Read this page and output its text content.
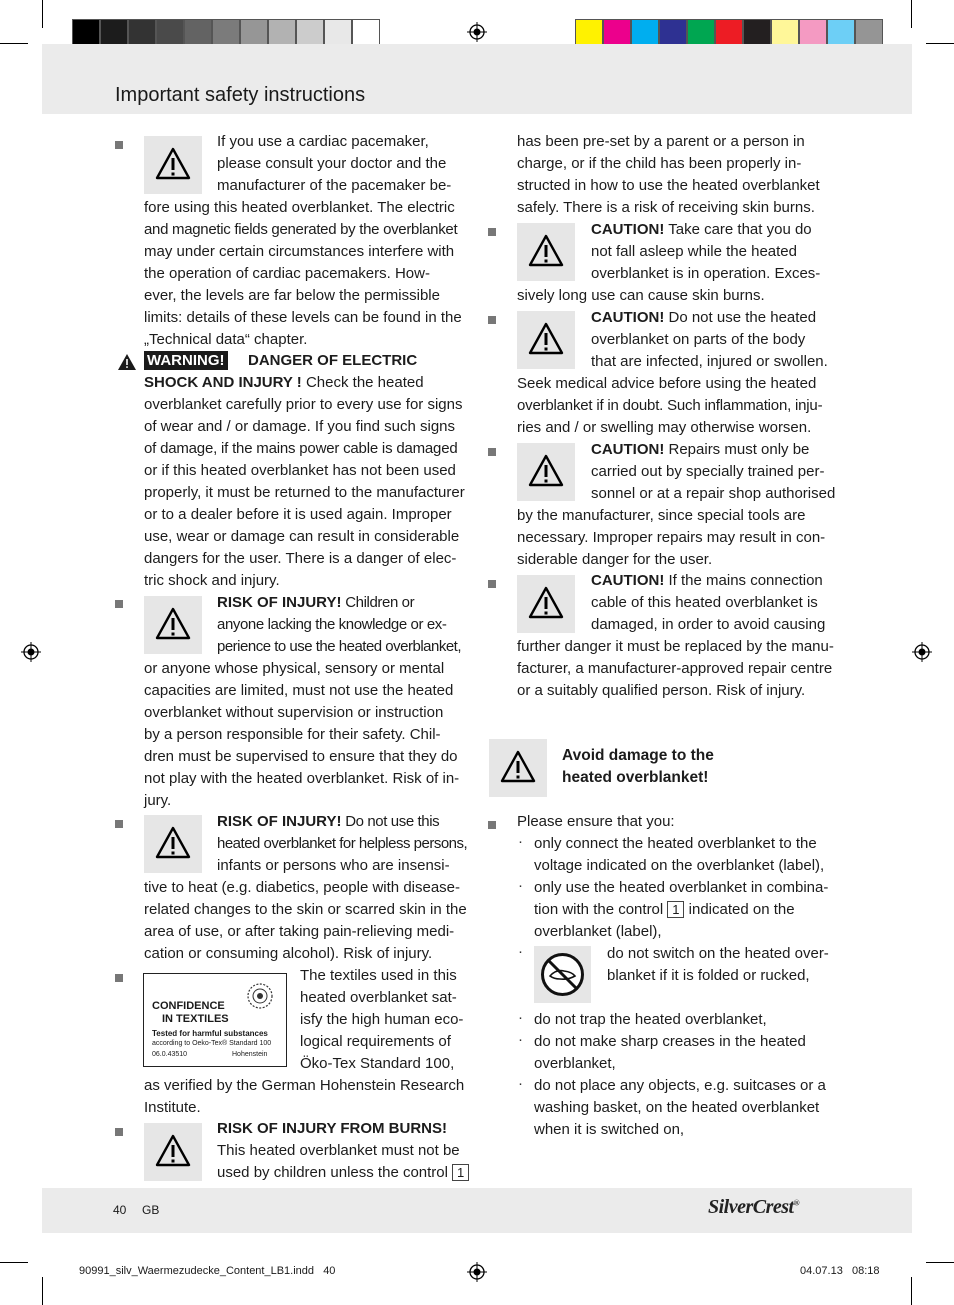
Important safety instructions
If you use a cardiac pacemaker,
please consult your doctor and the
manufacturer of the pacemaker be-
fore using this heated overblanket. The electric
and magnetic fields generated by the overblanket
may under certain circumstances interfere with
the operation of cardiac pacemakers. How-
ever, the levels are far below the permissible
limits: details of these levels can be found in the
„Technical data“ chapter.
WARNING! DANGER OF ELECTRIC
SHOCK AND INJURY ! Check the heated
overblanket carefully prior to every use for signs
of wear and / or damage. If you find such signs
of damage, if the mains power cable is damaged
or if this heated overblanket has not been used
properly, it must be returned to the manufacturer
or to a dealer before it is used again. Improper
use, wear or damage can result in considerable
dangers for the user. There is a danger of elec-
tric shock and injury.
RISK OF INJURY! Children or
anyone lacking the knowledge or ex-
perience to use the heated overblanket,
or anyone whose physical, sensory or mental
capacities are limited, must not use the heated
overblanket without supervision or instruction
by a person responsible for their safety. Chil-
dren must be supervised to ensure that they do
not play with the heated overblanket. Risk of in-
jury.
RISK OF INJURY! Do not use this
heated overblanket for helpless persons,
infants or persons who are insensi-
tive to heat (e.g. diabetics, people with disease-
related changes to the skin or scarred skin in the
area of use, or after taking pain-relieving medi-
cation or consuming alcohol). Risk of injury.
CONFIDENCE
IN TEXTILES
Tested for harmful substances
according to Oeko-Tex® Standard 100
06.0.43510	Hohenstein
The textiles used in this
heated overblanket sat-
isfy the high human eco-
logical requirements of
Öko-Tex Standard 100,
as verified by the German Hohenstein Research
Institute.
RISK OF INJURY FROM BURNS!
This heated overblanket must not be
used by children unless the control 1
has been pre-set by a parent or a person in
charge, or if the child has been properly in-
structed in how to use the heated overblanket
safely. There is a risk of receiving skin burns.
CAUTION! Take care that you do
not fall asleep while the heated
overblanket is in operation. Exces-
sively long use can cause skin burns.
CAUTION! Do not use the heated
overblanket on parts of the body
that are infected, injured or swollen.
Seek medical advice before using the heated
overblanket if in doubt. Such inflammation, inju-
ries and / or swelling may otherwise worsen.
CAUTION! Repairs must only be
carried out by specially trained per-
sonnel or at a repair shop authorised
by the manufacturer, since special tools are
necessary. Improper repairs may result in con-
siderable danger for the user.
CAUTION! If the mains connection
cable of this heated overblanket is
damaged, in order to avoid causing
further danger it must be replaced by the manu-
facturer, a manufacturer-approved repair centre
or a suitably qualified person. Risk of injury.
Avoid damage to the
heated overblanket!
Please ensure that you:
· only connect the heated overblanket to the
voltage indicated on the overblanket (label),
· only use the heated overblanket in combina-
tion with the control 1 indicated on the
overblanket (label),
·	do not switch on the heated over-
blanket if it is folded or rucked,
· do not trap the heated overblanket,
· do not make sharp creases in the heated
overblanket,
· do not place any objects, e.g. suitcases or a
washing basket, on the heated overblanket
when it is switched on,
40 GB	SilverCrest®
90991_silv_Waermezudecke_Content_LB1.indd   40	04.07.13   08:18
